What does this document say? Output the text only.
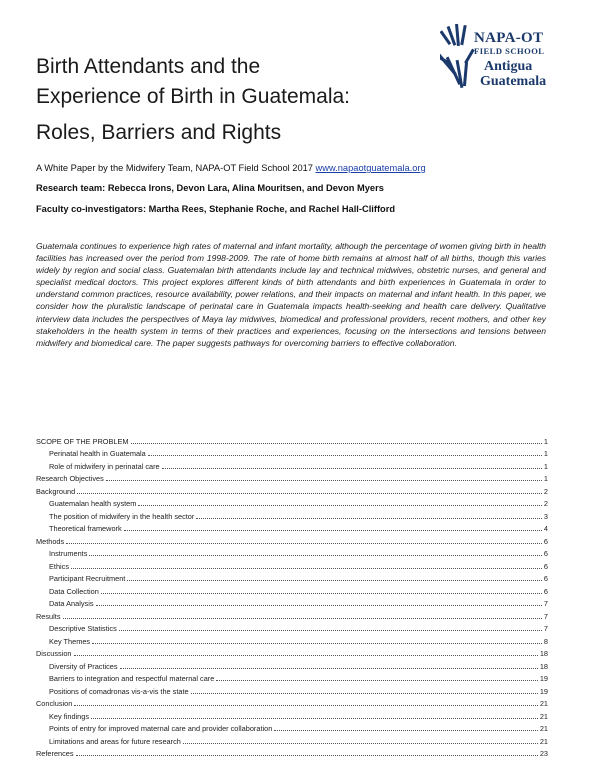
NAPA-OT
FIELD SCHOOL
Antigua
Guatemala
Birth Attendants and the
Experience of Birth in Guatemala:
Roles, Barriers and Rights
A White Paper by the Midwifery Team, NAPA-OT Field School 2017 www.napaotguatemala.org
Research team: Rebecca Irons, Devon Lara, Alina Mouritsen, and Devon Myers
Faculty co-investigators: Martha Rees, Stephanie Roche, and Rachel Hall-Clifford
Guatemala continues to experience high rates of maternal and infant mortality, although the percentage of women giving birth in health facilities has increased over the period from 1998-2009. The rate of home birth remains at almost half of all births, though this varies widely by region and social class. Guatemalan birth attendants include lay and technical midwives, obstetric nurses, and general and specialist medical doctors. This project explores different kinds of birth attendants and birth experiences in Guatemala in order to understand common practices, resource availability, power relations, and their impacts on maternal and infant health. In this paper, we consider how the pluralistic landscape of perinatal care in Guatemala impacts health-seeking and health care delivery. Qualitative interview data includes the perspectives of Maya lay midwives, biomedical and professional providers, recent mothers, and other key stakeholders in the health system in terms of their practices and experiences, focusing on the intersections and tensions between midwifery and biomedical care. The paper suggests pathways for overcoming barriers to effective collaboration.
SCOPE OF THE PROBLEM	1
Perinatal health in Guatemala	1
Role of midwifery in perinatal care	1
Research Objectives	1
Background	2
Guatemalan health system	2
The position of midwifery in the health sector	3
Theoretical framework	4
Methods	6
Instruments	6
Ethics	6
Participant Recruitment	6
Data Collection	6
Data Analysis	7
Results	7
Descriptive Statistics	7
Key Themes	8
Discussion	18
Diversity of Practices	18
Barriers to integration and respectful maternal care	19
Positions of comadronas vis-a-vis the state	19
Conclusion	21
Key findings	21
Points of entry for improved maternal care and provider collaboration	21
Limitations and areas for future research	21
References	23
